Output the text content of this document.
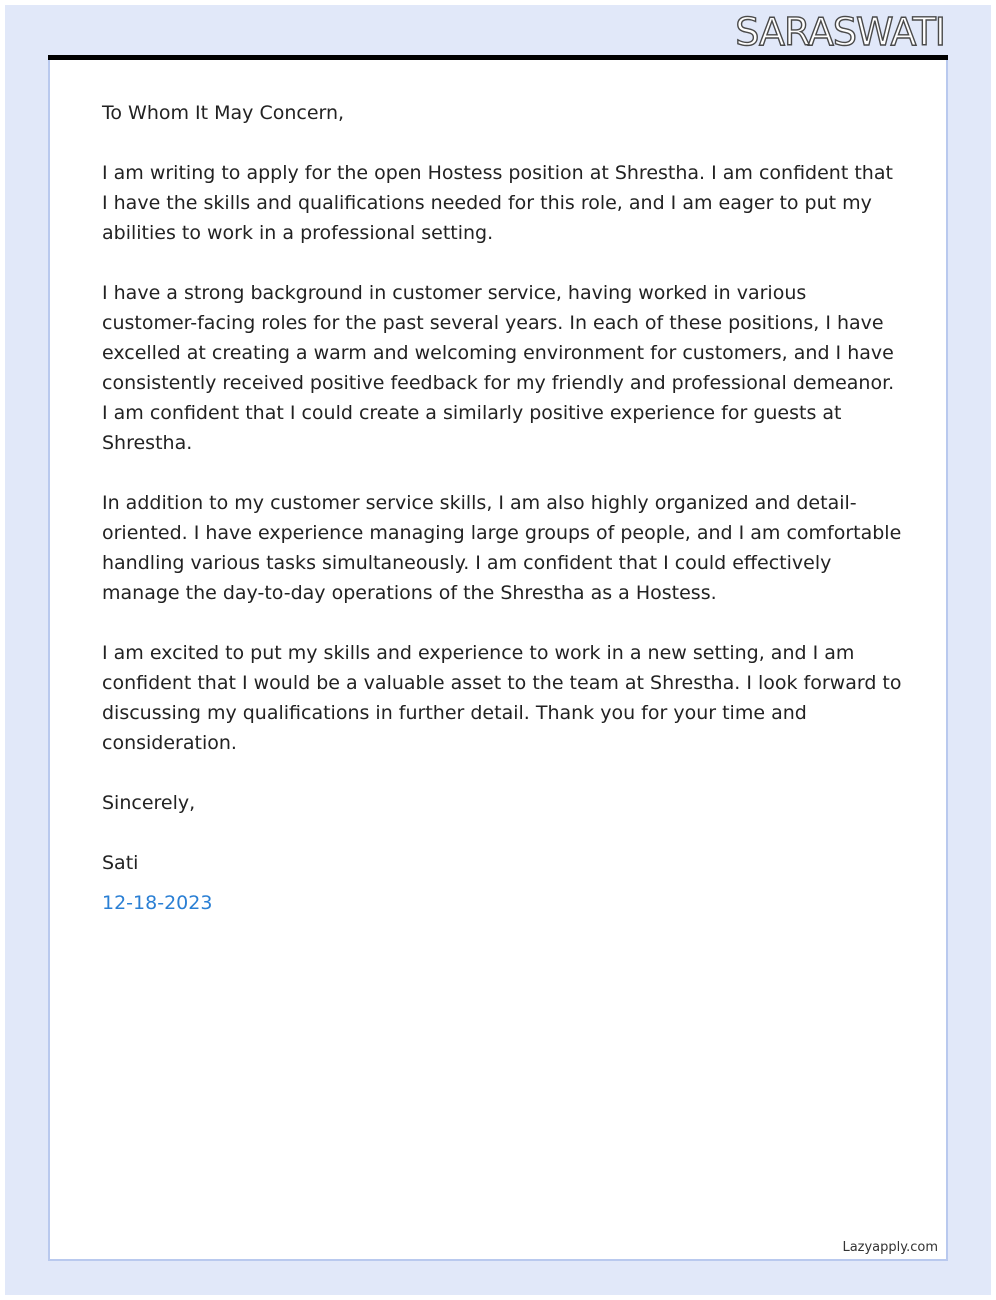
SARASWATI

To Whom It May Concern,

I am writing to apply for the open Hostess position at Shrestha. I am confident that I have the skills and qualifications needed for this role, and I am eager to put my abilities to work in a professional setting.

I have a strong background in customer service, having worked in various customer-facing roles for the past several years. In each of these positions, I have excelled at creating a warm and welcoming environment for customers, and I have consistently received positive feedback for my friendly and professional demeanor. I am confident that I could create a similarly positive experience for guests at Shrestha.

In addition to my customer service skills, I am also highly organized and detail-oriented. I have experience managing large groups of people, and I am comfortable handling various tasks simultaneously. I am confident that I could effectively manage the day-to-day operations of the Shrestha as a Hostess.

I am excited to put my skills and experience to work in a new setting, and I am confident that I would be a valuable asset to the team at Shrestha. I look forward to discussing my qualifications in further detail. Thank you for your time and consideration.

Sincerely,

Sati

12-18-2023

Lazyapply.com
